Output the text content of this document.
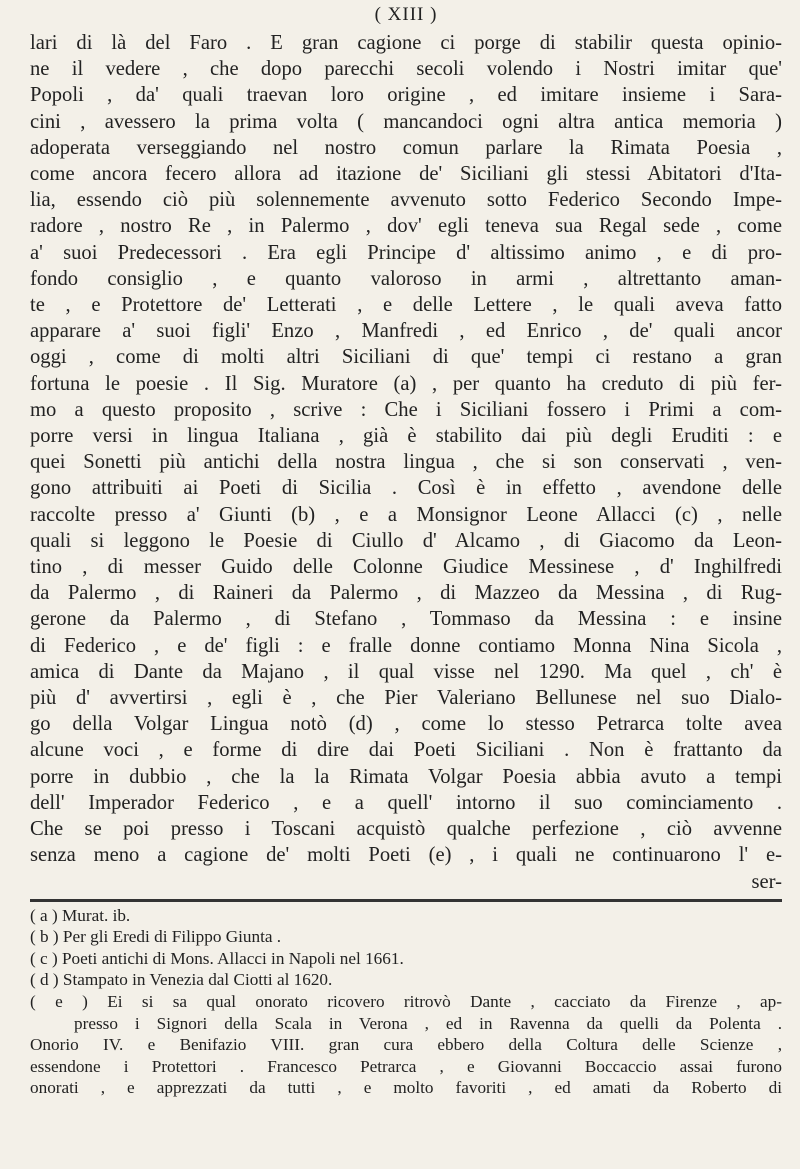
( XIII )
lari di là del Faro . E gran cagione ci porge di stabilir questa opinio-
ne il vedere , che dopo parecchi secoli volendo i Nostri imitar que'
Popoli , da' quali traevan loro origine , ed imitare insieme i Sara-
cini , avessero la prima volta ( mancandoci ogni altra antica memoria )
adoperata verseggiando nel nostro comun parlare la Rimata Poesia ,
come ancora fecero allora ad itazione de' Siciliani gli stessi Abitatori d'Ita-
lia, essendo ciò più solennemente avvenuto sotto Federico Secondo Impe-
radore , nostro Re , in Palermo , dov' egli teneva sua Regal sede , come
a' suoi Predecessori . Era egli Principe d' altissimo animo , e di pro-
fondo consiglio , e quanto valoroso in armi , altrettanto aman-
te , e Protettore de' Letterati , e delle Lettere , le quali aveva fatto
apparare a' suoi figli' Enzo , Manfredi , ed Enrico , de' quali ancor
oggi , come di molti altri Siciliani di que' tempi ci restano a gran
fortuna le poesie . Il Sig. Muratore (a) , per quanto ha creduto di più fer-
mo a questo proposito , scrive : Che i Siciliani fossero i Primi a com-
porre versi in lingua Italiana , già è stabilito dai più degli Eruditi : e
quei Sonetti più antichi della nostra lingua , che si son conservati , ven-
gono attribuiti ai Poeti di Sicilia . Così è in effetto , avendone delle
raccolte presso a' Giunti (b) , e a Monsignor Leone Allacci (c) , nelle
quali si leggono le Poesie di Ciullo d' Alcamo , di Giacomo da Leon-
tino , di messer Guido delle Colonne Giudice Messinese , d' Inghilfredi
da Palermo , di Raineri da Palermo , di Mazzeo da Messina , di Rug-
gerone da Palermo , di Stefano , Tommaso da Messina : e insine
di Federico , e de' figli : e fralle donne contiamo Monna Nina Sicola ,
amica di Dante da Majano , il qual visse nel 1290. Ma quel , ch' è
più d' avvertirsi , egli è , che Pier Valeriano Bellunese nel suo Dialo-
go della Volgar Lingua notò (d) , come lo stesso Petrarca tolte avea
alcune voci , e forme di dire dai Poeti Siciliani . Non è frattanto da
porre in dubbio , che la la Rimata Volgar Poesia abbia avuto a tempi
dell' Imperador Federico , e a quell' intorno il suo cominciamento .
Che se poi presso i Toscani acquistò qualche perfezione , ciò avvenne
senza meno a cagione de' molti Poeti (e) , i quali ne continuarono l' e-
ser-
( a ) Murat. ib.
( b ) Per gli Eredi di Filippo Giunta .
( c ) Poeti antichi di Mons. Allacci in Napoli nel 1661.
( d ) Stampato in Venezia dal Ciotti al 1620.
( e ) Ei si sa qual onorato ricovero ritrovò Dante , cacciato da Firenze , ap-
presso i Signori della Scala in Verona , ed in Ravenna da quelli da Polenta .
Onorio IV. e Benifazio VIII. gran cura ebbero della Coltura delle Scienze ,
essendone i Protettori . Francesco Petrarca , e Giovanni Boccaccio assai furono
onorati , e apprezzati da tutti , e molto favoriti , ed amati da Roberto di
